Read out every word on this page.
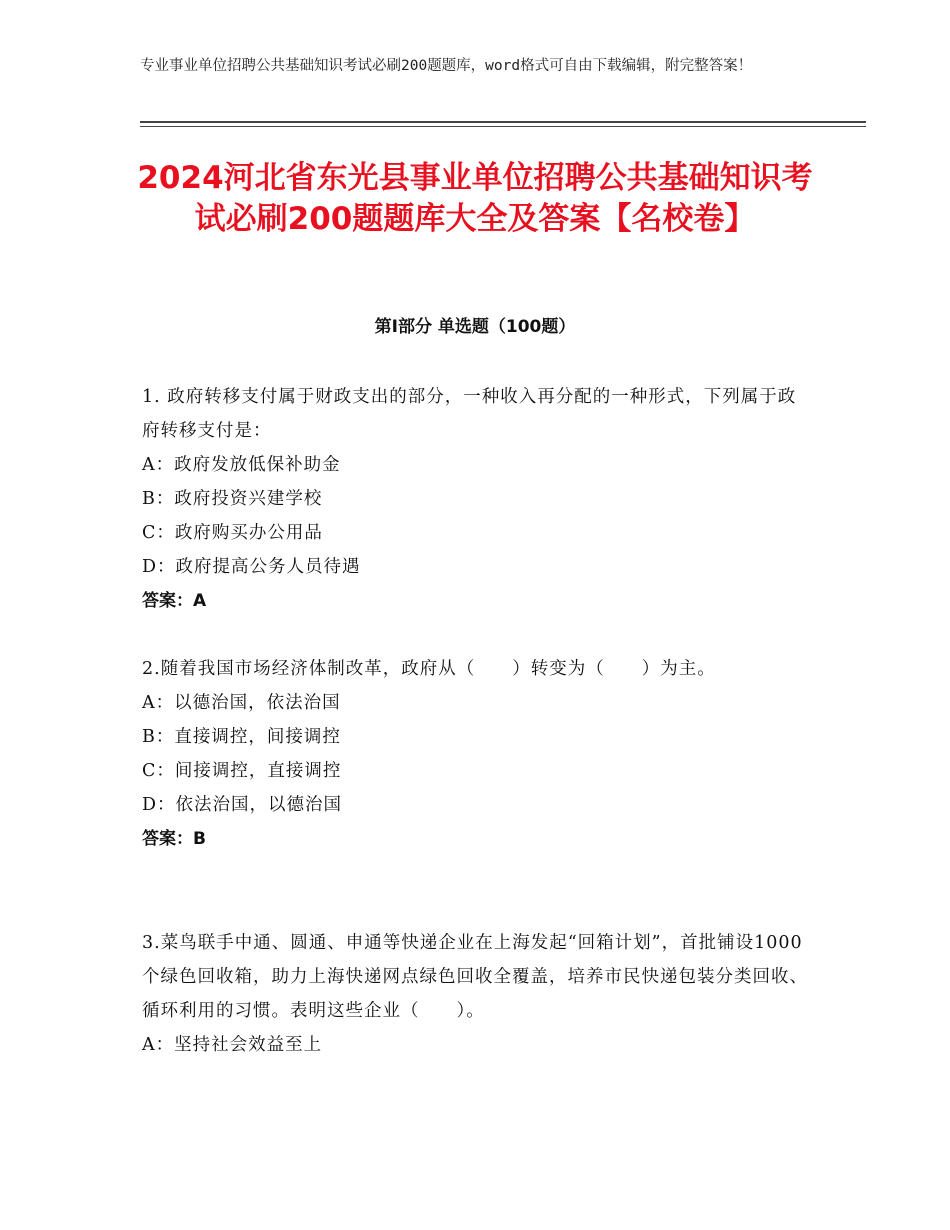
专业事业单位招聘公共基础知识考试必刷200题题库，word格式可自由下载编辑，附完整答案！
2024河北省东光县事业单位招聘公共基础知识考试必刷200题题库大全及答案【名校卷】
第Ⅰ部分 单选题（100题）
1. 政府转移支付属于财政支出的部分，一种收入再分配的一种形式，下列属于政府转移支付是：
A：政府发放低保补助金
B：政府投资兴建学校
C：政府购买办公用品
D：政府提高公务人员待遇
答案：A
2.随着我国市场经济体制改革，政府从（　　）转变为（　　）为主。
A：以德治国，依法治国
B：直接调控，间接调控
C：间接调控，直接调控
D：依法治国，以德治国
答案：B
3.菜鸟联手中通、圆通、申通等快递企业在上海发起“回箱计划”，首批铺设1000个绿色回收箱，助力上海快递网点绿色回收全覆盖，培养市民快递包装分类回收、循环利用的习惯。表明这些企业（　　）。
A：坚持社会效益至上
